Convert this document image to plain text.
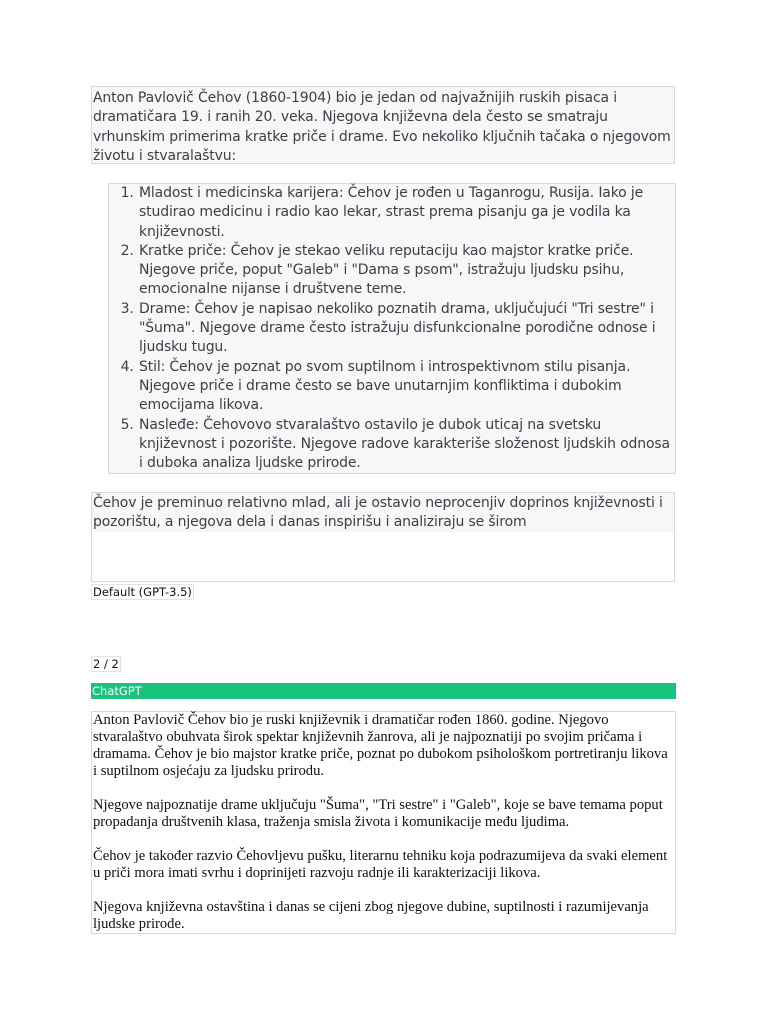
Anton Pavlovič Čehov (1860-1904) bio je jedan od najvažnijih ruskih pisaca i dramatičara 19. i ranih 20. veka. Njegova književna dela često se smatraju vrhunskim primerima kratke priče i drame. Evo nekoliko ključnih tačaka o njegovom životu i stvaralaštvu:
1. Mladost i medicinska karijera: Čehov je rođen u Taganrogu, Rusija. Iako je studirao medicinu i radio kao lekar, strast prema pisanju ga je vodila ka književnosti.
2. Kratke priče: Čehov je stekao veliku reputaciju kao majstor kratke priče. Njegove priče, poput "Galeb" i "Dama s psom", istražuju ljudsku psihu, emocionalne nijanse i društvene teme.
3. Drame: Čehov je napisao nekoliko poznatih drama, uključujući "Tri sestre" i "Šuma". Njegove drame često istražuju disfunkcionalne porodične odnose i ljudsku tugu.
4. Stil: Čehov je poznat po svom suptilnom i introspektivnom stilu pisanja. Njegove priče i drame često se bave unutarnjim konfliktima i dubokim emocijama likova.
5. Nasleđe: Čehovovo stvaralaštvo ostavilo je dubok uticaj na svetsku književnost i pozorište. Njegove radove karakteriše složenost ljudskih odnosa i duboka analiza ljudske prirode.
Čehov je preminuo relativno mlad, ali je ostavio neprocenjiv doprinos književnosti i pozorištu, a njegova dela i danas inspirišu i analiziraju se širom
Default (GPT-3.5)
2 / 2
ChatGPT

Anton Pavlovič Čehov bio je ruski književnik i dramatičar rođen 1860. godine. Njegovo stvaralaštvo obuhvata širok spektar književnih žanrova, ali je najpoznatiji po svojim pričama i dramama. Čehov je bio majstor kratke priče, poznat po dubokom psihološkom portretiranju likova i suptilnom osjećaju za ljudsku prirodu.

Njegove najpoznatije drame uključuju "Šuma", "Tri sestre" i "Galeb", koje se bave temama poput propadanja društvenih klasa, traženja smisla života i komunikacije među ljudima.

Čehov je također razvio Čehovljevu pušku, literarnu tehniku koja podrazumijeva da svaki element u priči mora imati svrhu i doprinijeti razvoju radnje ili karakterizaciji likova.

Njegova književna ostavština i danas se cijeni zbog njegove dubine, suptilnosti i razumijevanja ljudske prirode.
